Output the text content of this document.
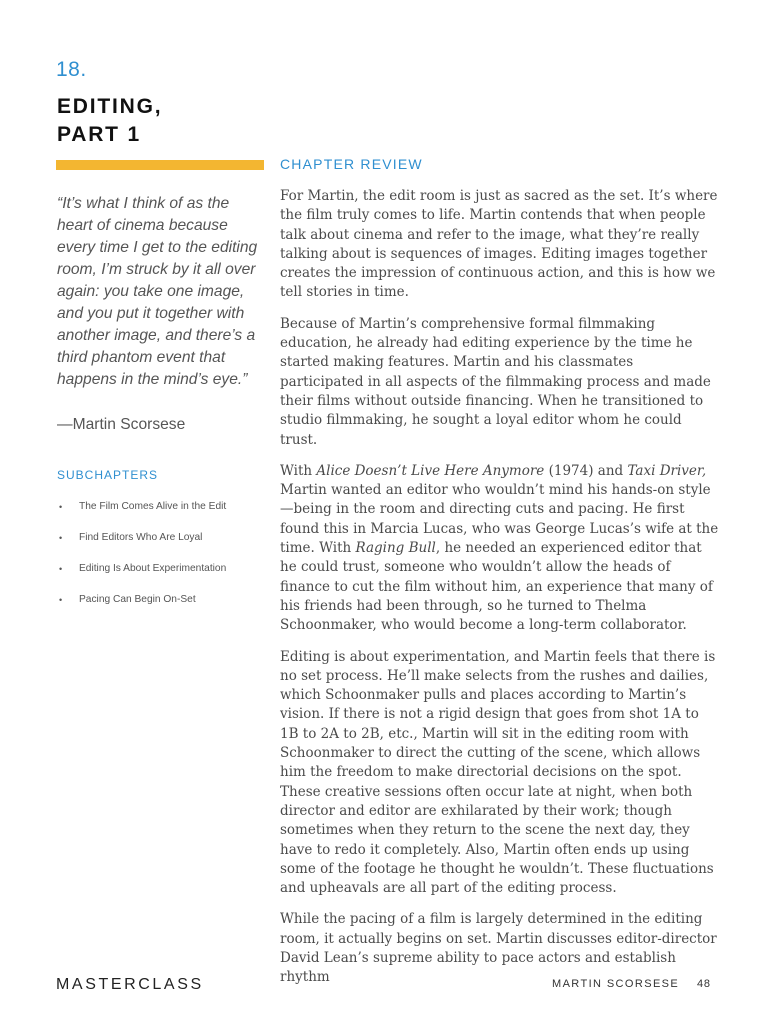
18.
EDITING,
PART 1

“It’s what I think of as the heart of cinema because every time I get to the editing room, I’m struck by it all over again: you take one image, and you put it together with another image, and there’s a third phantom event that happens in the mind’s eye.”

—Martin Scorsese
SUBCHAPTERS
• The Film Comes Alive in the Edit
• Find Editors Who Are Loyal
• Editing Is About Experimentation
• Pacing Can Begin On-Set
CHAPTER REVIEW

For Martin, the edit room is just as sacred as the set. It’s where the film truly comes to life. Martin contends that when people talk about cinema and refer to the image, what they’re really talking about is sequences of images. Editing images together creates the impression of continuous action, and this is how we tell stories in time.

Because of Martin’s comprehensive formal filmmaking education, he already had editing experience by the time he started making features. Martin and his classmates participated in all aspects of the filmmaking process and made their films without outside financing. When he transitioned to studio filmmaking, he sought a loyal editor whom he could trust.

With Alice Doesn’t Live Here Anymore (1974) and Taxi Driver, Martin wanted an editor who wouldn’t mind his hands-on style—being in the room and directing cuts and pacing. He first found this in Marcia Lucas, who was George Lucas’s wife at the time. With Raging Bull, he needed an experienced editor that he could trust, someone who wouldn’t allow the heads of finance to cut the film without him, an experience that many of his friends had been through, so he turned to Thelma Schoonmaker, who would become a long-term collaborator.

Editing is about experimentation, and Martin feels that there is no set process. He’ll make selects from the rushes and dailies, which Schoonmaker pulls and places according to Martin’s vision. If there is not a rigid design that goes from shot 1A to 1B to 2A to 2B, etc., Martin will sit in the editing room with Schoonmaker to direct the cutting of the scene, which allows him the freedom to make directorial decisions on the spot. These creative sessions often occur late at night, when both director and editor are exhilarated by their work; though sometimes when they return to the scene the next day, they have to redo it completely. Also, Martin often ends up using some of the footage he thought he wouldn’t. These fluctuations and upheavals are all part of the editing process.

While the pacing of a film is largely determined in the editing room, it actually begins on set. Martin discusses editor-director David Lean’s supreme ability to pace actors and establish rhythm

MASTERCLASS	MARTIN SCORSESE 48
